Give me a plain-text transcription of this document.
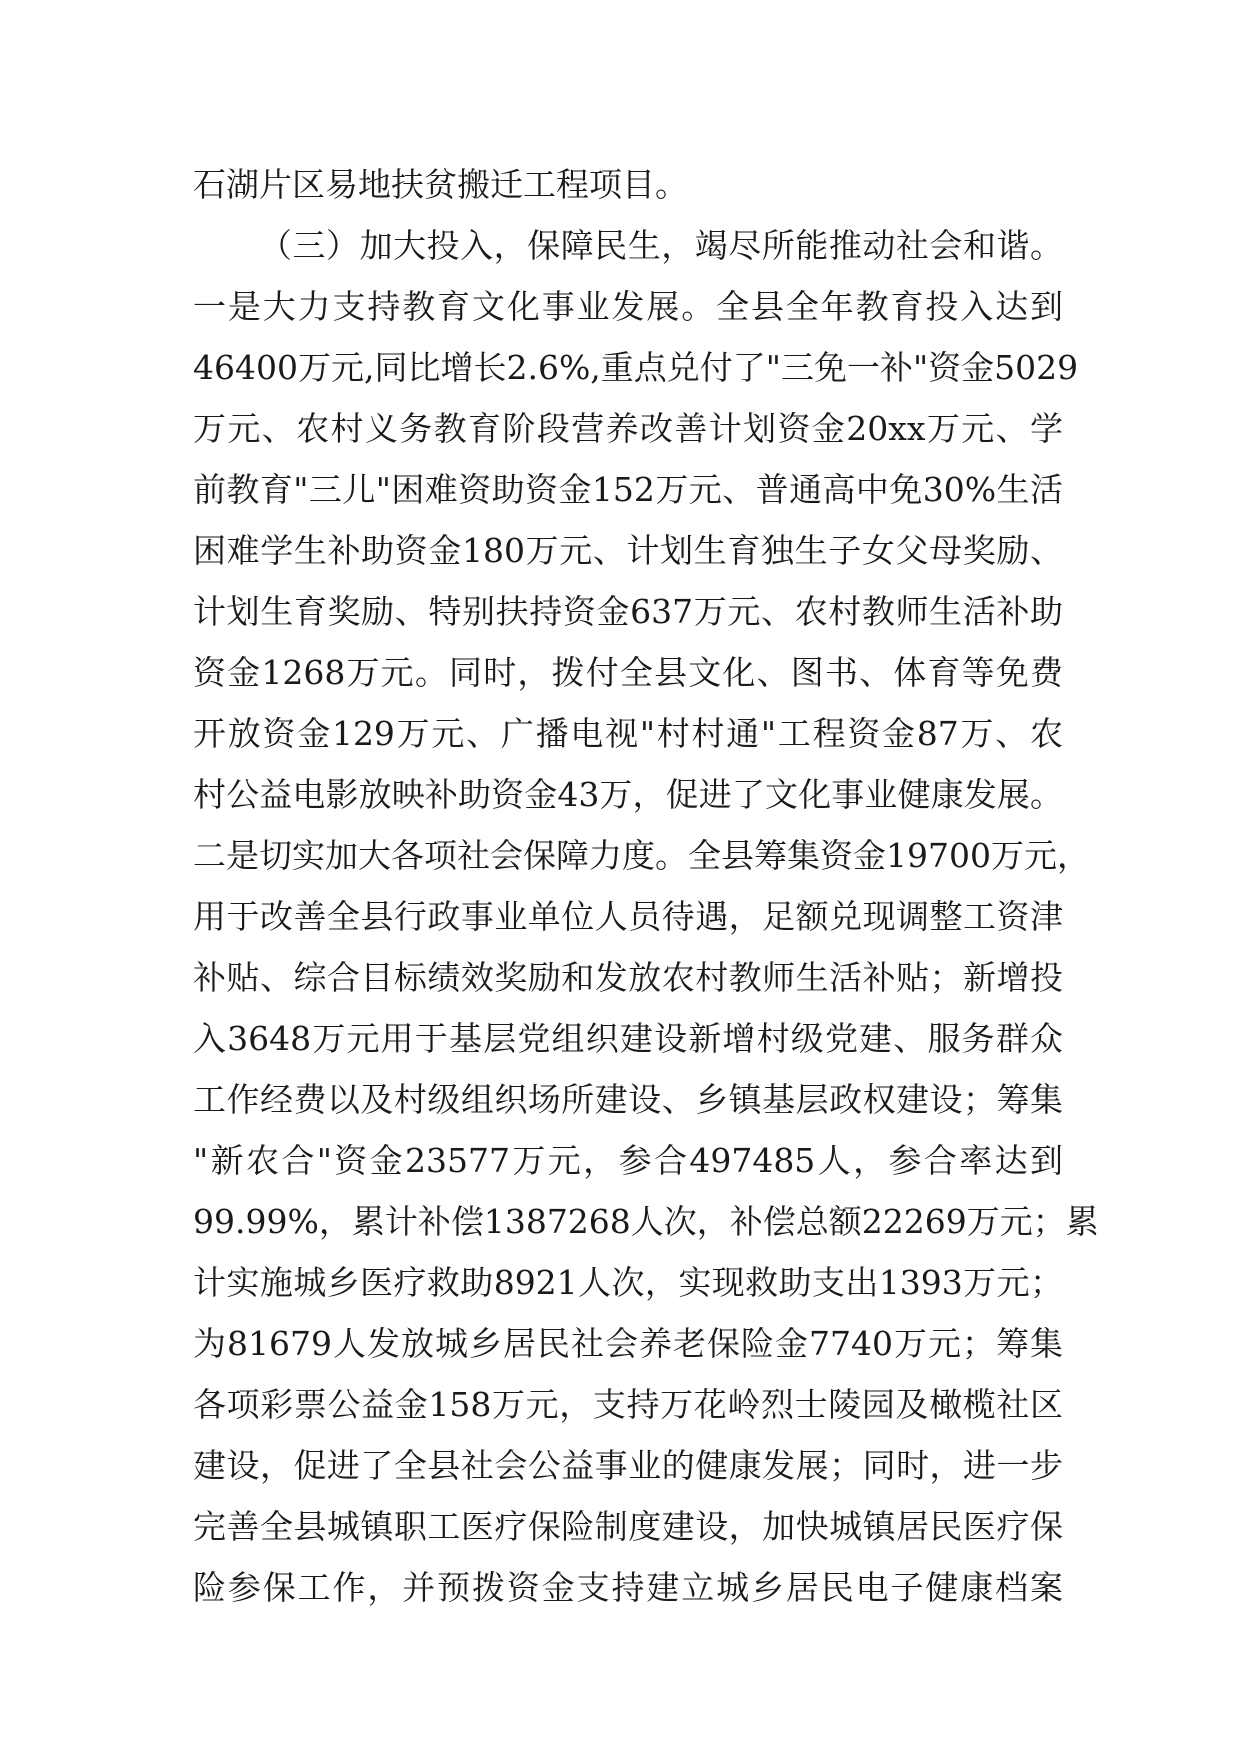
石湖片区易地扶贫搬迁工程项目。
（三）加大投入，保障民生，竭尽所能推动社会和谐。
一是大力支持教育文化事业发展。全县全年教育投入达到
46400万元,同比增长2.6%,重点兑付了"三免一补"资金5029
万元、农村义务教育阶段营养改善计划资金20xx万元、学
前教育"三儿"困难资助资金152万元、普通高中免30%生活
困难学生补助资金180万元、计划生育独生子女父母奖励、
计划生育奖励、特别扶持资金637万元、农村教师生活补助
资金1268万元。同时，拨付全县文化、图书、体育等免费
开放资金129万元、广播电视"村村通"工程资金87万、农
村公益电影放映补助资金43万，促进了文化事业健康发展。
二是切实加大各项社会保障力度。全县筹集资金19700万元，
用于改善全县行政事业单位人员待遇，足额兑现调整工资津
补贴、综合目标绩效奖励和发放农村教师生活补贴；新增投
入3648万元用于基层党组织建设新增村级党建、服务群众
工作经费以及村级组织场所建设、乡镇基层政权建设；筹集
"新农合"资金23577万元，参合497485人，参合率达到
99.99%，累计补偿1387268人次，补偿总额22269万元；累
计实施城乡医疗救助8921人次，实现救助支出1393万元；
为81679人发放城乡居民社会养老保险金7740万元；筹集
各项彩票公益金158万元，支持万花岭烈士陵园及橄榄社区
建设，促进了全县社会公益事业的健康发展；同时，进一步
完善全县城镇职工医疗保险制度建设，加快城镇居民医疗保
险参保工作，并预拨资金支持建立城乡居民电子健康档案
